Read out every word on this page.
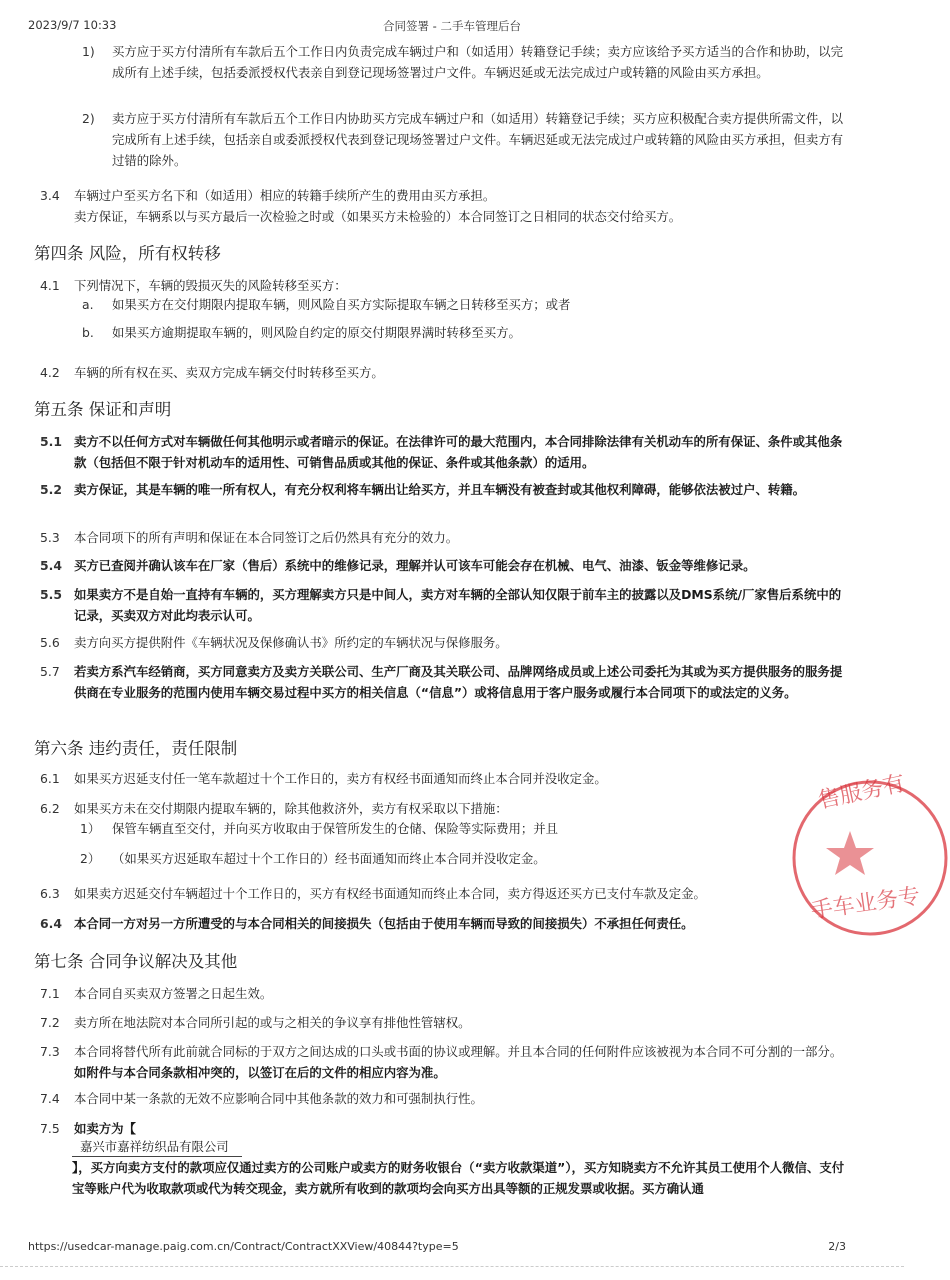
2023/9/7 10:33	合同签署 - 二手车管理后台
1) 买方应于买方付清所有车款后五个工作日内负责完成车辆过户和（如适用）转籍登记手续；卖方应该给予买方适当的合作和协助，以完成所有上述手续，包括委派授权代表亲自到登记现场签署过户文件。车辆迟延或无法完成过户或转籍的风险由买方承担。
2) 卖方应于买方付清所有车款后五个工作日内协助买方完成车辆过户和（如适用）转籍登记手续；买方应积极配合卖方提供所需文件，以完成所有上述手续，包括亲自或委派授权代表到登记现场签署过户文件。车辆迟延或无法完成过户或转籍的风险由买方承担，但卖方有过错的除外。
3.4 车辆过户至买方名下和（如适用）相应的转籍手续所产生的费用由买方承担。
卖方保证，车辆系以与买方最后一次检验之时或（如果买方未检验的）本合同签订之日相同的状态交付给买方。
第四条 风险，所有权转移
4.1 下列情况下，车辆的毁损灭失的风险转移至买方：
a. 如果买方在交付期限内提取车辆，则风险自买方实际提取车辆之日转移至买方；或者
b. 如果买方逾期提取车辆的，则风险自约定的原交付期限界满时转移至买方。
4.2 车辆的所有权在买、卖双方完成车辆交付时转移至买方。
第五条 保证和声明
5.1 卖方不以任何方式对车辆做任何其他明示或者暗示的保证。在法律许可的最大范围内，本合同排除法律有关机动车的所有保证、条件或其他条款（包括但不限于针对机动车的适用性、可销售品质或其他的保证、条件或其他条款）的适用。
5.2 卖方保证，其是车辆的唯一所有权人，有充分权利将车辆出让给买方，并且车辆没有被查封或其他权利障碍，能够依法被过户、转籍。
5.3 本合同项下的所有声明和保证在本合同签订之后仍然具有充分的效力。
5.4 买方已查阅并确认该车在厂家（售后）系统中的维修记录，理解并认可该车可能会存在机械、电气、油漆、钣金等维修记录。
5.5 如果卖方不是自始一直持有车辆的，买方理解卖方只是中间人，卖方对车辆的全部认知仅限于前车主的披露以及DMS系统/厂家售后系统中的记录，买卖双方对此均表示认可。
5.6 卖方向买方提供附件《车辆状况及保修确认书》所约定的车辆状况与保修服务。
5.7 若卖方系汽车经销商，买方同意卖方及卖方关联公司、生产厂商及其关联公司、品牌网络成员或上述公司委托为其或为买方提供服务的服务提供商在专业服务的范围内使用车辆交易过程中买方的相关信息（“信息”）或将信息用于客户服务或履行本合同项下的或法定的义务。
第六条 违约责任，责任限制
6.1 如果买方迟延支付任一笔车款超过十个工作日的，卖方有权经书面通知而终止本合同并没收定金。
6.2 如果买方未在交付期限内提取车辆的，除其他救济外，卖方有权采取以下措施：
1） 保管车辆直至交付，并向买方收取由于保管所发生的仓储、保险等实际费用；并且
2） （如果买方迟延取车超过十个工作日的）经书面通知而终止本合同并没收定金。
6.3 如果卖方迟延交付车辆超过十个工作日的，买方有权经书面通知而终止本合同，卖方得返还买方已支付车款及定金。
6.4 本合同一方对另一方所遭受的与本合同相关的间接损失（包括由于使用车辆而导致的间接损失）不承担任何责任。
第七条 合同争议解决及其他
7.1 本合同自买卖双方签署之日起生效。
7.2 卖方所在地法院对本合同所引起的或与之相关的争议享有排他性管辖权。
7.3 本合同将替代所有此前就合同标的于双方之间达成的口头或书面的协议或理解。并且本合同的任何附件应该被视为本合同不可分割的一部分。如附件与本合同条款相冲突的，以签订在后的文件的相应内容为准。
7.4 本合同中某一条款的无效不应影响合同中其他条款的效力和可强制执行性。
7.5 如卖方为【
嘉兴市嘉祥纺织品有限公司
】，买方向卖方支付的款项应仅通过卖方的公司账户或卖方的财务收银台（“卖方收款渠道”），买方知晓卖方不允许其员工使用个人微信、支付宝等账户代为收取款项或代为转交现金，卖方就所有收到的款项均会向买方出具等额的正规发票或收据。买方确认通
售服务有
手车业务专
https://usedcar-manage.paig.com.cn/Contract/ContractXXView/40844?type=5	2/3
